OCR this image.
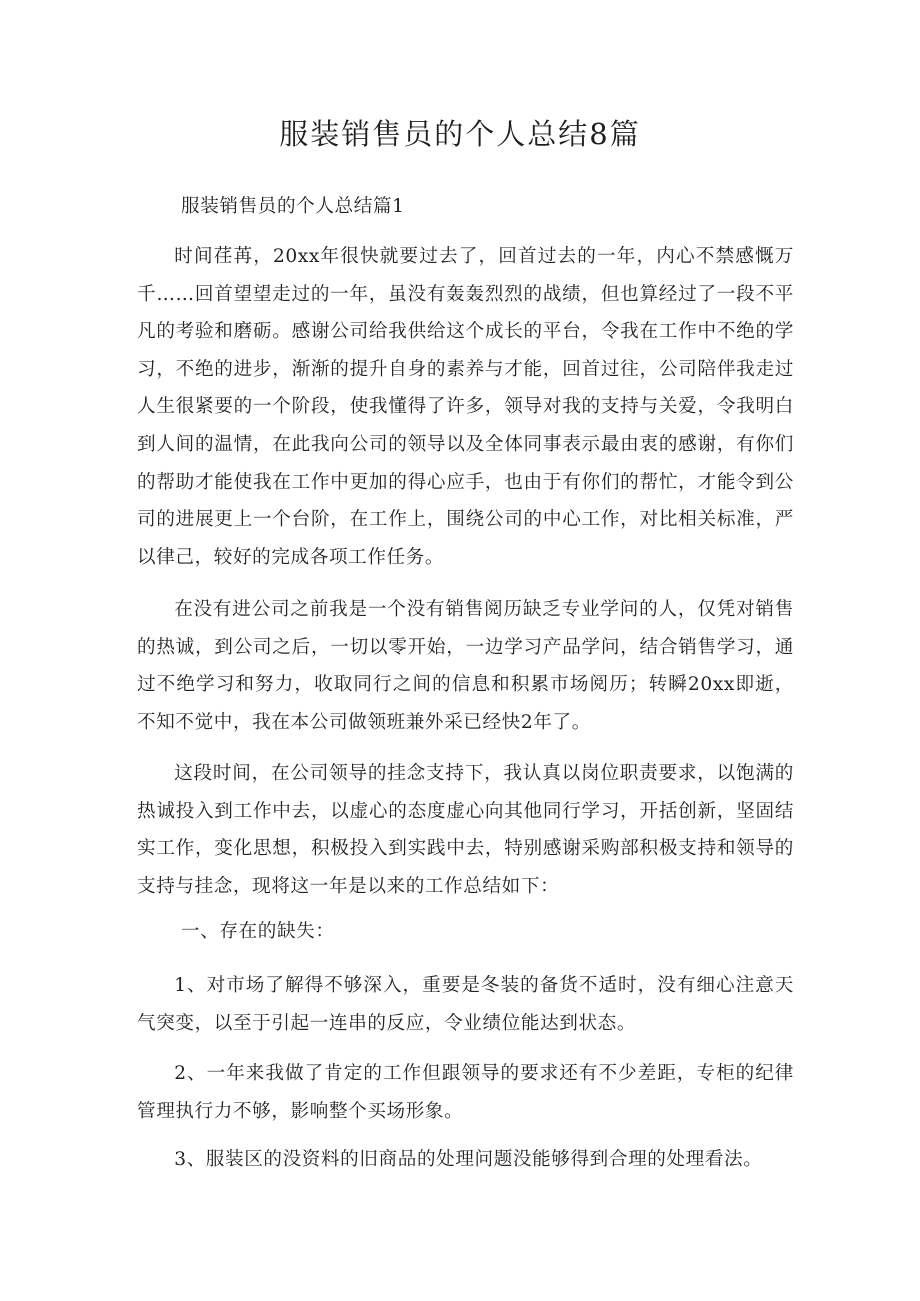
服装销售员的个人总结8篇
服装销售员的个人总结篇1

时间荏苒，20xx年很快就要过去了，回首过去的一年，内心不禁感慨万千……回首望望走过的一年，虽没有轰轰烈烈的战绩，但也算经过了一段不平凡的考验和磨砺。感谢公司给我供给这个成长的平台，令我在工作中不绝的学习，不绝的进步，渐渐的提升自身的素养与才能，回首过往，公司陪伴我走过人生很紧要的一个阶段，使我懂得了许多，领导对我的支持与关爱，令我明白到人间的温情，在此我向公司的领导以及全体同事表示最由衷的感谢，有你们的帮助才能使我在工作中更加的得心应手，也由于有你们的帮忙，才能令到公司的进展更上一个台阶，在工作上，围绕公司的中心工作，对比相关标准，严以律己，较好的完成各项工作任务。

在没有进公司之前我是一个没有销售阅历缺乏专业学问的人，仅凭对销售的热诚，到公司之后，一切以零开始，一边学习产品学问，结合销售学习，通过不绝学习和努力，收取同行之间的信息和积累市场阅历；转瞬20xx即逝，不知不觉中，我在本公司做领班兼外采已经快2年了。

这段时间，在公司领导的挂念支持下，我认真以岗位职责要求，以饱满的热诚投入到工作中去，以虚心的态度虚心向其他同行学习，开括创新，坚固结实工作，变化思想，积极投入到实践中去，特别感谢采购部积极支持和领导的支持与挂念，现将这一年是以来的工作总结如下：

一、存在的缺失：

1、对市场了解得不够深入，重要是冬装的备货不适时，没有细心注意天气突变，以至于引起一连串的反应，令业绩位能达到状态。

2、一年来我做了肯定的工作但跟领导的要求还有不少差距，专柜的纪律管理执行力不够，影响整个买场形象。

3、服装区的没资料的旧商品的处理问题没能够得到合理的处理看法。
